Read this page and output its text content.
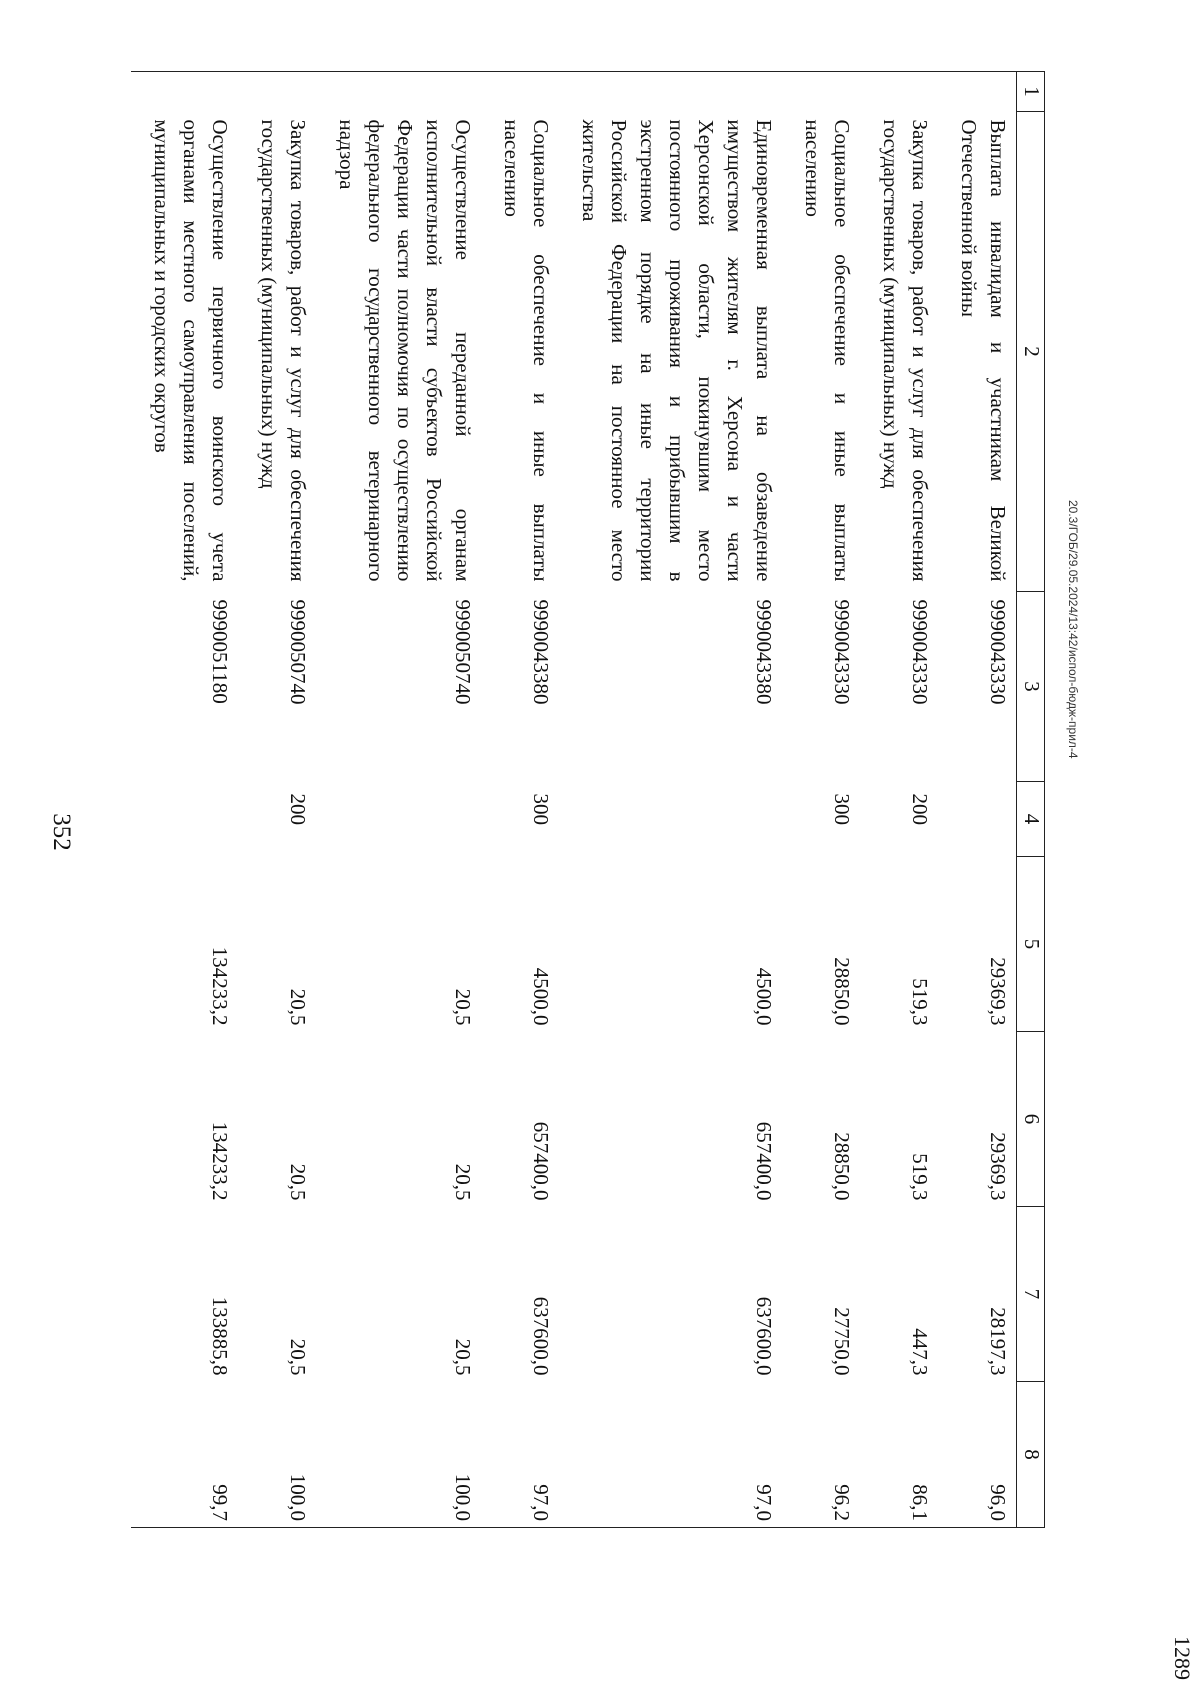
352
20.3/ГОБ/29.05.2024/13:42/испол-бюдж-прил-4
1289
1	2	3	4	5	6	7	8
	Выплата инвалидам и участникам Великой Отечественной войны	9990043330		29369,3	29369,3	28197,3	96,0
	Закупка товаров, работ и услуг для обеспечения государственных (муниципальных) нужд	9990043330	200	519,3	519,3	447,3	86,1
	Социальное обеспечение и иные выплаты населению	9990043330	300	28850,0	28850,0	27750,0	96,2
	Единовременная выплата на обзаведение имуществом жителям г. Херсона и части Херсонской области, покинувшим место постоянного проживания и прибывшим в экстренном порядке на иные территории Российской Федерации на постоянное место жительства	9990043380		4500,0	657400,0	637600,0	97,0
	Социальное обеспечение и иные выплаты населению	9990043380	300	4500,0	657400,0	637600,0	97,0
	Осуществление переданной органам исполнительной власти субъектов Российской Федерации части полномочия по осуществлению федерального государственного ветеринарного надзора	9990050740		20,5	20,5	20,5	100,0
	Закупка товаров, работ и услуг для обеспечения государственных (муниципальных) нужд	9990050740	200	20,5	20,5	20,5	100,0
	Осуществление первичного воинского учета органами местного самоуправления поселений, муниципальных и городских округов	9990051180		134233,2	134233,2	133885,8	99,7
